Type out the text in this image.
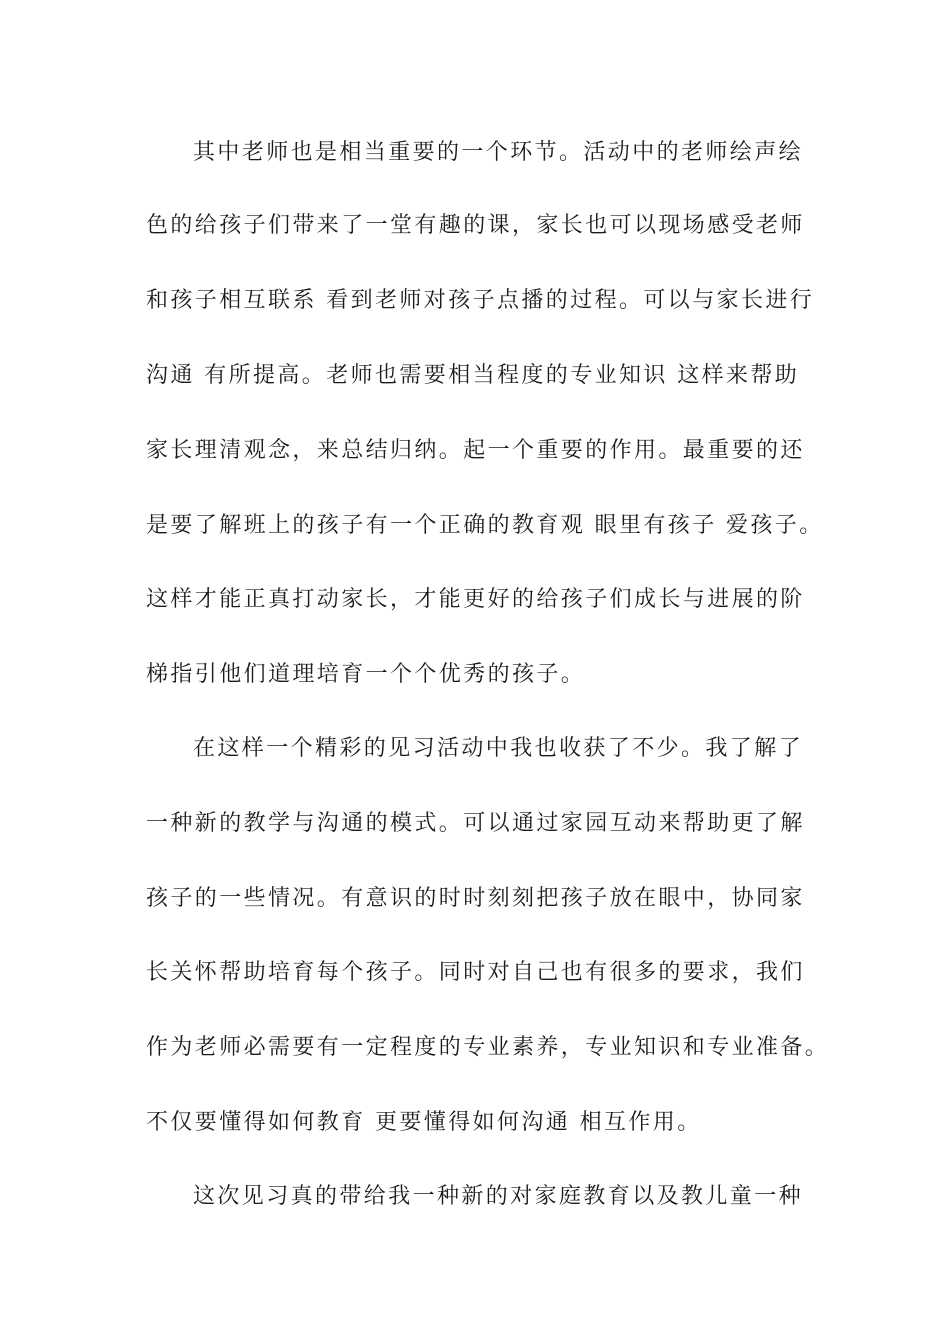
其中老师也是相当重要的一个环节。活动中的老师绘声绘
色的给孩子们带来了一堂有趣的课，家长也可以现场感受老师
和孩子相互联系 看到老师对孩子点播的过程。可以与家长进行
沟通 有所提高。老师也需要相当程度的专业知识 这样来帮助
家长理清观念，来总结归纳。起一个重要的作用。最重要的还
是要了解班上的孩子有一个正确的教育观 眼里有孩子 爱孩子。
这样才能正真打动家长，才能更好的给孩子们成长与进展的阶
梯指引他们道理培育一个个优秀的孩子。
在这样一个精彩的见习活动中我也收获了不少。我了解了
一种新的教学与沟通的模式。可以通过家园互动来帮助更了解
孩子的一些情况。有意识的时时刻刻把孩子放在眼中，协同家
长关怀帮助培育每个孩子。同时对自己也有很多的要求，我们
作为老师必需要有一定程度的专业素养，专业知识和专业准备。
不仅要懂得如何教育 更要懂得如何沟通 相互作用。
这次见习真的带给我一种新的对家庭教育以及教儿童一种
